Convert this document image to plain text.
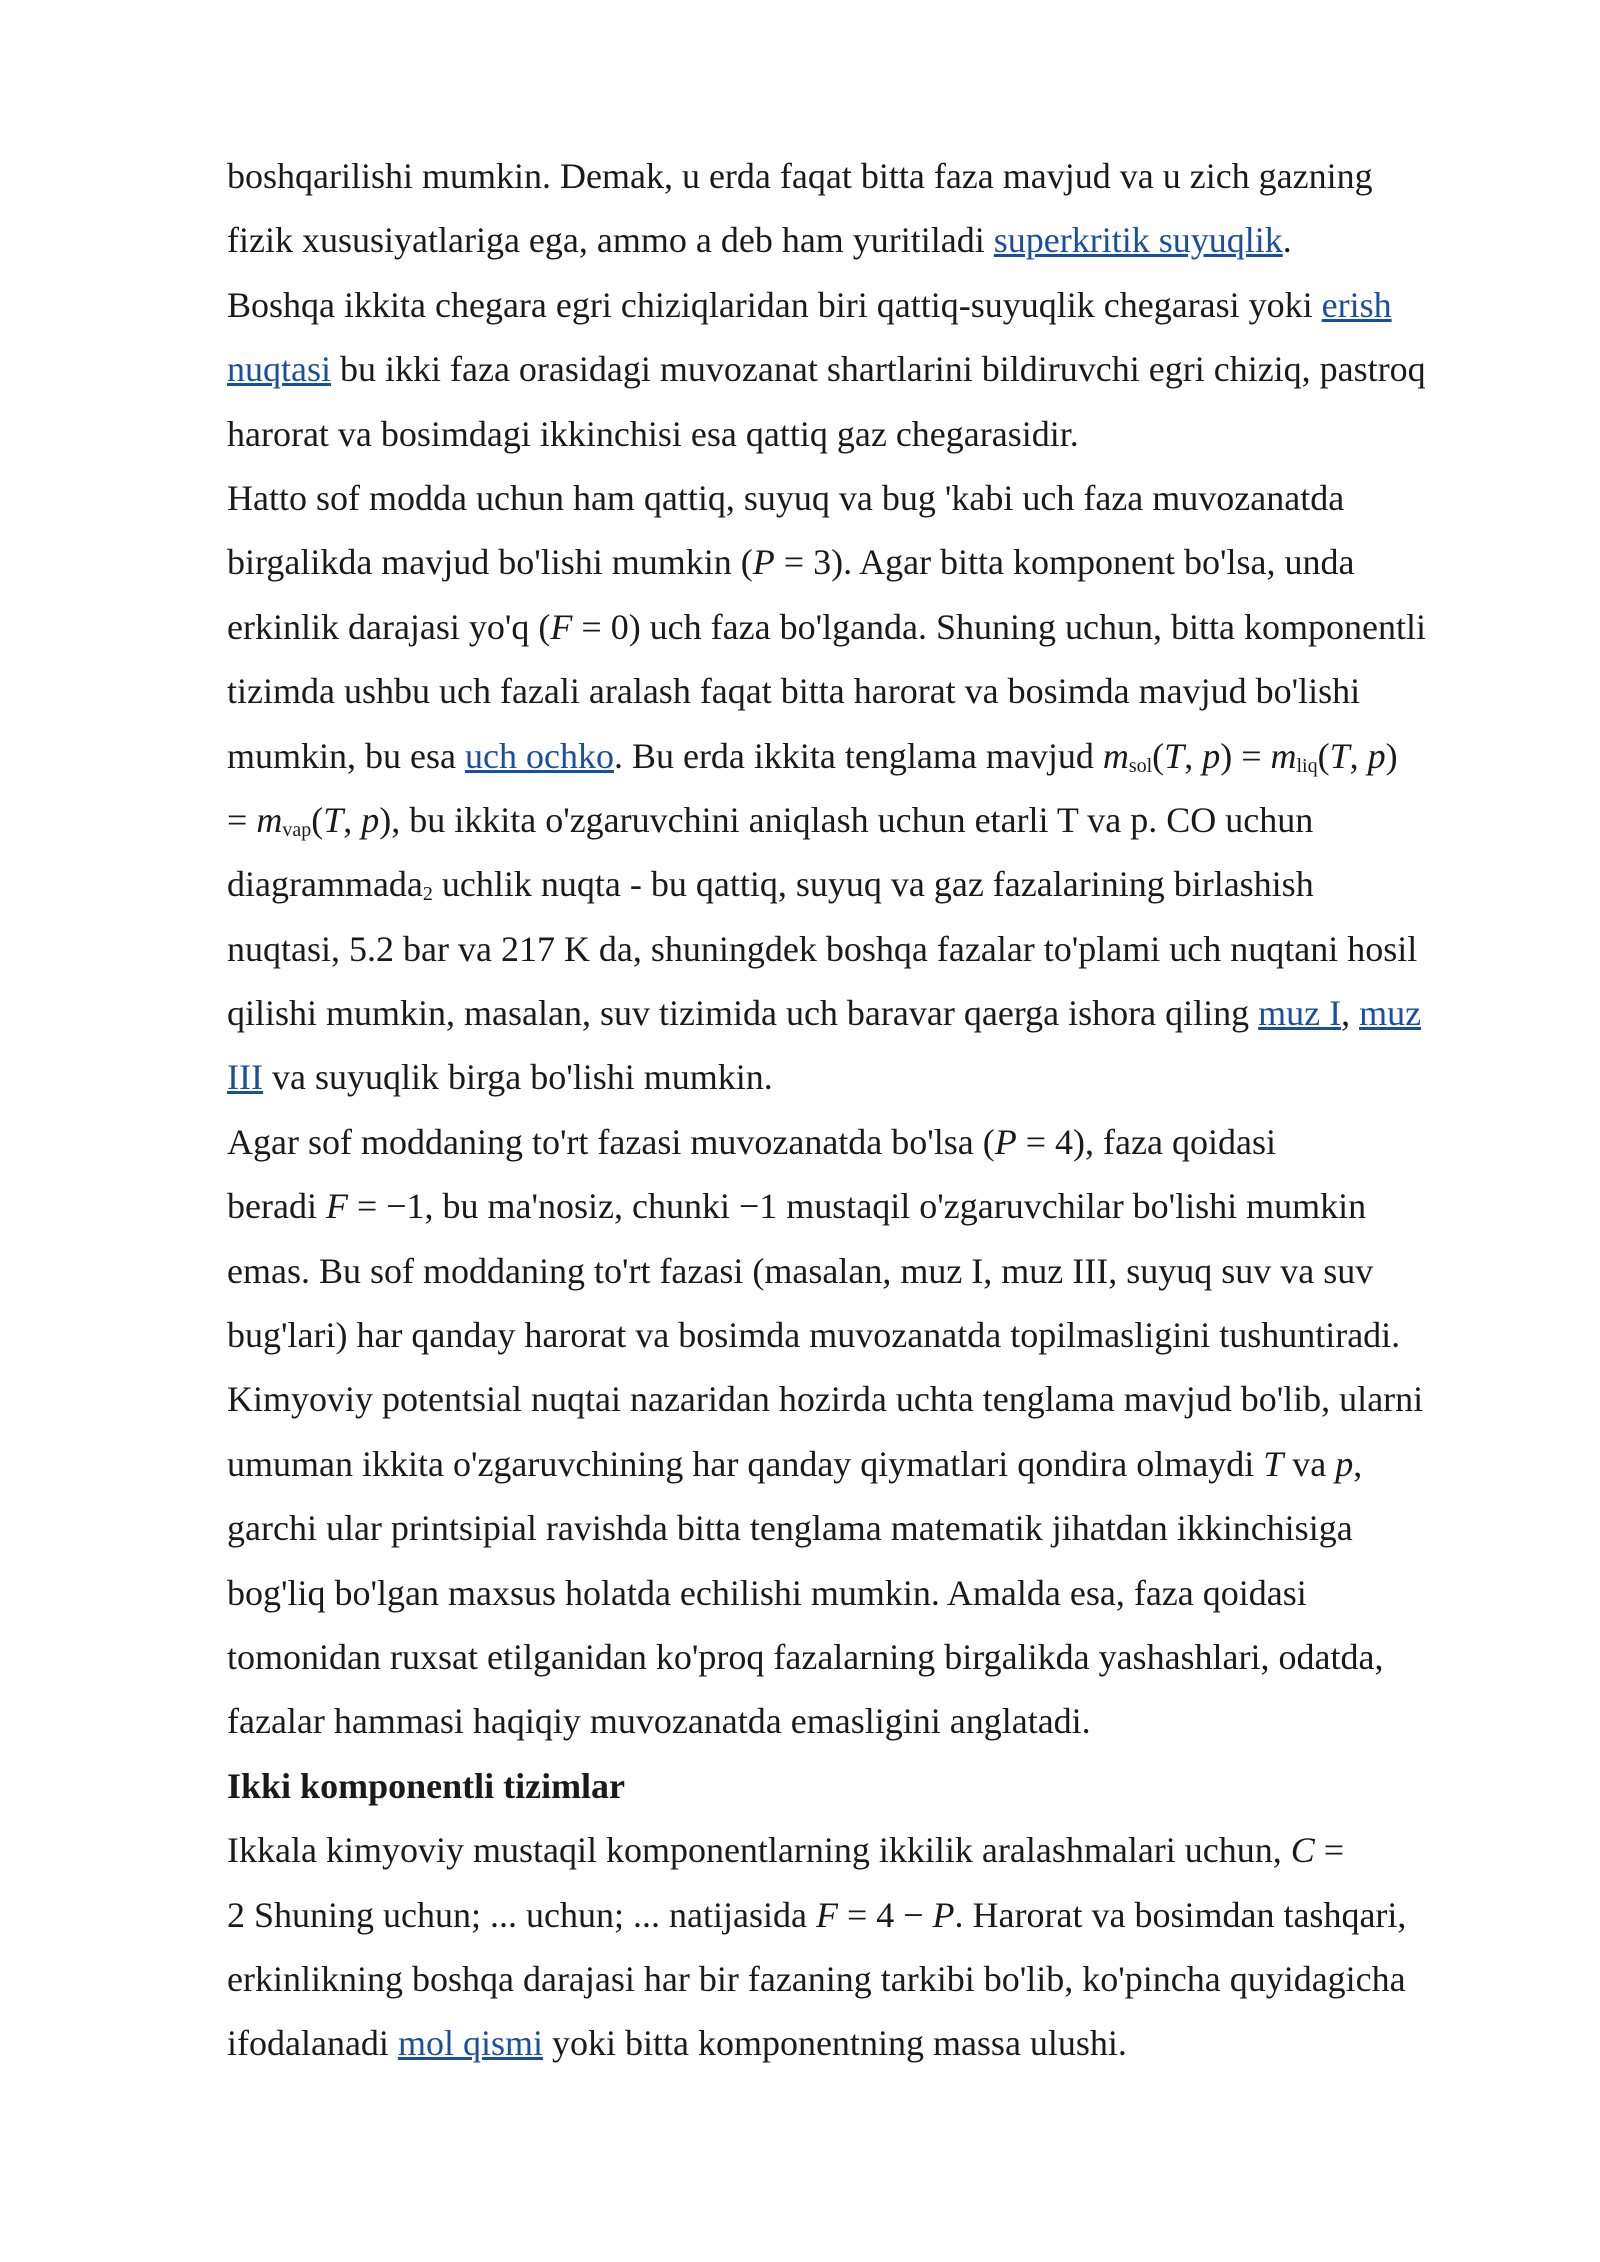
boshqarilishi mumkin. Demak, u erda faqat bitta faza mavjud va u zich gazning
fizik xususiyatlariga ega, ammo a deb ham yuritiladi superkritik suyuqlik.
Boshqa ikkita chegara egri chiziqlaridan biri qattiq-suyuqlik chegarasi yoki erish
nuqtasi bu ikki faza orasidagi muvozanat shartlarini bildiruvchi egri chiziq, pastroq
harorat va bosimdagi ikkinchisi esa qattiq gaz chegarasidir.
Hatto sof modda uchun ham qattiq, suyuq va bug 'kabi uch faza muvozanatda
birgalikda mavjud bo'lishi mumkin (P = 3). Agar bitta komponent bo'lsa, unda
erkinlik darajasi yo'q (F = 0) uch faza bo'lganda. Shuning uchun, bitta komponentli
tizimda ushbu uch fazali aralash faqat bitta harorat va bosimda mavjud bo'lishi
mumkin, bu esa uch ochko. Bu erda ikkita tenglama mavjud $m_{sol}(T$, $p) = m_{liq}(T$, p)
= $m_{vap}(T$, p), bu ikkita o'zgaruvchini aniqlash uchun etarli T va p. CO uchun
diagrammada$_2$ uchlik nuqta - bu qattiq, suyuq va gaz fazalarining birlashish
nuqtasi, 5.2 bar va 217 K da, shuningdek boshqa fazalar to'plami uch nuqtani hosil
qilishi mumkin, masalan, suv tizimida uch baravar qaerga ishora qiling muz I, muz
III va suyuqlik birga bo'lishi mumkin.
Agar sof moddaning to'rt fazasi muvozanatda bo'lsa (P = 4), faza qoidasi
beradi F = −1, bu ma'nosiz, chunki −1 mustaqil o'zgaruvchilar bo'lishi mumkin
emas. Bu sof moddaning to'rt fazasi (masalan, muz I, muz III, suyuq suv va suv
bug'lari) har qanday harorat va bosimda muvozanatda topilmasligini tushuntiradi.
Kimyoviy potentsial nuqtai nazaridan hozirda uchta tenglama mavjud bo'lib, ularni
umuman ikkita o'zgaruvchining har qanday qiymatlari qondira olmaydi T va p,
garchi ular printsipial ravishda bitta tenglama matematik jihatdan ikkinchisiga
bog'liq bo'lgan maxsus holatda echilishi mumkin. Amalda esa, faza qoidasi
tomonidan ruxsat etilganidan ko'proq fazalarning birgalikda yashashlari, odatda,
fazalar hammasi haqiqiy muvozanatda emasligini anglatadi.
Ikki komponentli tizimlar
Ikkala kimyoviy mustaqil komponentlarning ikkilik aralashmalari uchun, C =
2 Shuning uchun; ... uchun; ... natijasida F = 4 − P. Harorat va bosimdan tashqari,
erkinlikning boshqa darajasi har bir fazaning tarkibi bo'lib, ko'pincha quyidagicha
ifodalanadi mol qismi yoki bitta komponentning massa ulushi.
